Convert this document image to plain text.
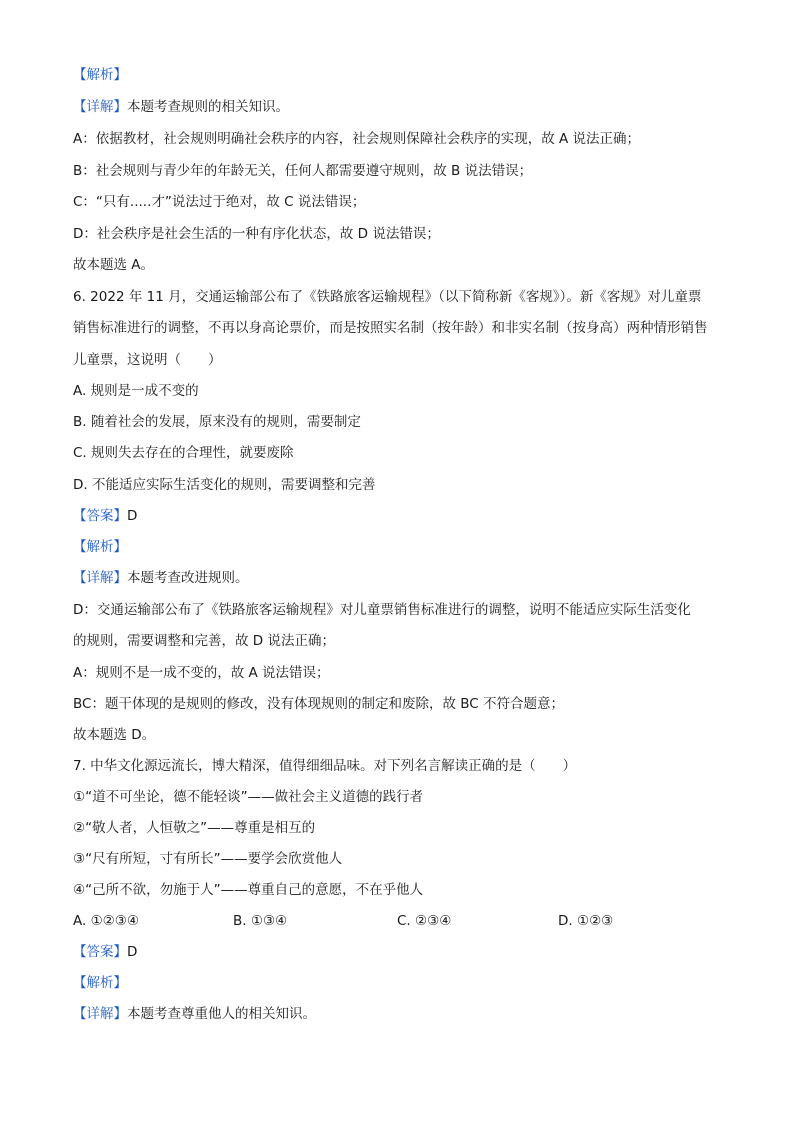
【解析】
【详解】本题考查规则的相关知识。
A：依据教材，社会规则明确社会秩序的内容，社会规则保障社会秩序的实现，故 A 说法正确；
B：社会规则与青少年的年龄无关，任何人都需要遵守规则，故 B 说法错误；
C：“只有.....才”说法过于绝对，故 C 说法错误；
D：社会秩序是社会生活的一种有序化状态，故 D 说法错误；
故本题选 A。
6. 2022 年 11 月，交通运输部公布了《铁路旅客运输规程》（以下简称新《客规》）。新《客规》对儿童票
销售标准进行的调整，不再以身高论票价，而是按照实名制（按年龄）和非实名制（按身高）两种情形销售
儿童票，这说明（　　）
A. 规则是一成不变的
B. 随着社会的发展，原来没有的规则，需要制定
C. 规则失去存在的合理性，就要废除
D. 不能适应实际生活变化的规则，需要调整和完善
【答案】D
【解析】
【详解】本题考查改进规则。
D：交通运输部公布了《铁路旅客运输规程》对儿童票销售标准进行的调整，说明不能适应实际生活变化
的规则，需要调整和完善，故 D 说法正确；
A：规则不是一成不变的，故 A 说法错误；
BC：题干体现的是规则的修改，没有体现规则的制定和废除，故 BC 不符合题意；
故本题选 D。
7. 中华文化源远流长，博大精深，值得细细品味。对下列名言解读正确的是（　　）
①“道不可坐论，德不能轻谈”——做社会主义道德的践行者
②“敬人者，人恒敬之”——尊重是相互的
③“尺有所短，寸有所长”——要学会欣赏他人
④“己所不欲，勿施于人”——尊重自己的意愿，不在乎他人
A. ①②③④	B. ①③④	C. ②③④	D. ①②③
【答案】D
【解析】
【详解】本题考查尊重他人的相关知识。
